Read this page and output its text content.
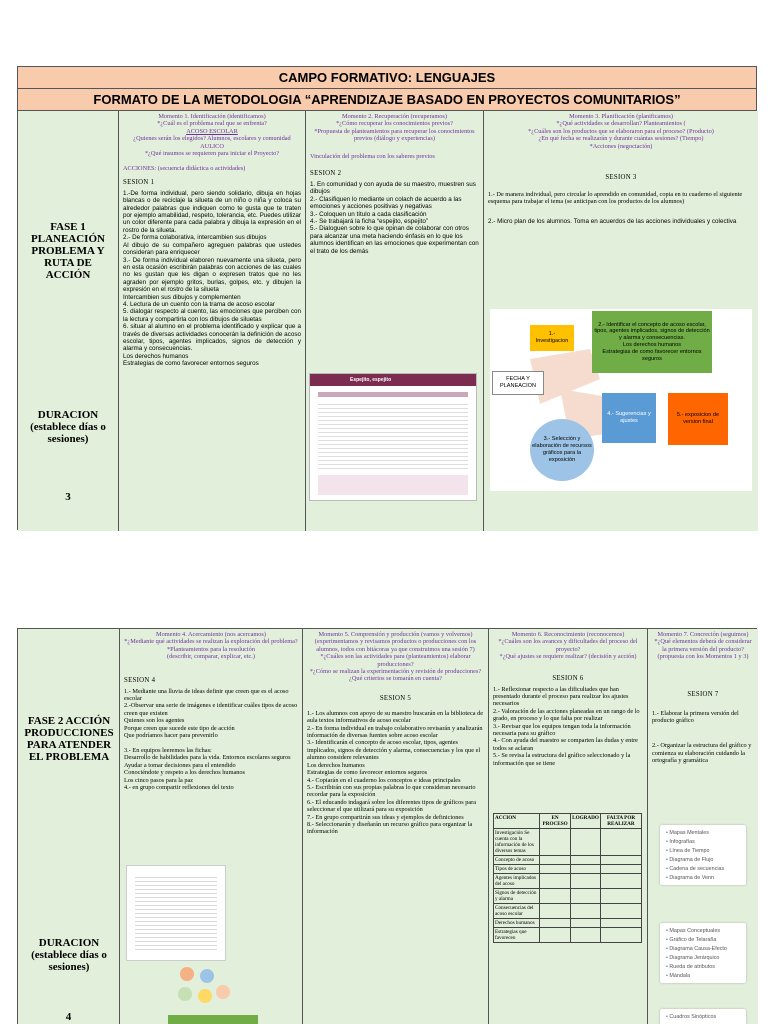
CAMPO FORMATIVO: LENGUAJES
FORMATO DE LA METODOLOGIA “APRENDIZAJE BASADO EN PROYECTOS COMUNITARIOS”
FASE 1 PLANEACIÓN PROBLEMA Y RUTA DE ACCIÓN
DURACION (establece días o sesiones)
3

Momento 1. Identificación (identificamos)

*¿Cuál es el problema real que se enfrenta?

ACOSO ESCOLAR

¿Quienes serán los elegidos? Alumnos, escolares y comunidad

AULICO

*¿Qué insumos se requieren para iniciar el Proyecto?

ACCIONES: (secuencia didáctica o actividades)

SESION 1

1.-De forma individual, pero siendo solidario, dibuja en hojas blancas o de reciclaje la silueta de un niño o niña y coloca su alrededor palabras que indiquen como te gusta que te traten por ejemplo amabilidad, respeto, tolerancia, etc. Puedes utilizar un color diferente para cada palabra y dibuja la expresión en el rostro de la silueta.
2.- De forma colaborativa, intercambien sus dibujos
Al dibujo de su compañero agreguen palabras que ustedes consideran para enriquecer
3.- De forma individual elaboren nuevamente una silueta, pero en esta ocasión escribirán palabras con acciones de las cuales no les gustan que les digan o expresen tratos que no les agraden por ejemplo gritos, burlas, golpes, etc. y dibujen la expresión en el rostro de la silueta
Intercambien sus dibujos y complementen
4. Lectura de un cuento con la trama de acoso escolar
5. dialogar respecto al cuento, las emociones que perciben con la lectura y compartirla con los dibujos de siluetas
6. situar al alumno en el problema identificado y explicar que a través de diversas actividades conocerán la definición de acoso escolar, tipos, agentes implicados, signos de detección y alarma y consecuencias.
Los derechos humanos
Estrategias de como favorecer entornos seguros

Momento 2. Recuperación (recuperamos)

*¿Cómo recuperar los conocimientos previos?
*Propuesta de planteamientos para recuperar los conocimientos previos (diálogo y experiencias)

Vinculación del problema con los saberes previos

SESION 2

1. En comunidad y con ayuda de su maestro, muestren sus dibujos
2.- Clasifiquen lo mediante un colach de acuerdo a las emociones y acciones positivas y negativas
3.- Coloquen un título a cada clasificación
4.- Se trabajará la ficha “espejito, espejito”
5.- Dialoguen sobre lo que opinan de colaborar con otros para alcanzar una meta haciendo énfasis en lo que los alumnos identifican en las emociones que experimentan con el trato de los demás

Espejito, espejito

Momento 3. Planificación (planificamos)

*¿Qué actividades se desarrollan? Planteamientos (
*¿Cuáles son los productos que se elaboraron para el proceso? (Producto)
¿En qué fecha se realizarán y durante cuántas sesiones? (Tiempo)
*Acciones (negociación)

SESION 3

1.- De manera individual, pero circular lo aprendido en comunidad, copia en tu cuaderno el siguiente esquema para trabajar el tema (se anticipan con los productos de los alumnos)

2.- Micro plan de los alumnos. Toma en acuerdos de las acciones individuales y colectiva

1.- Investigacion
2.- Identificar el concepto de acoso escolar, tipos, agentes implicados, signos de detección y alarma y consecuencias.
Los derechos humanos
Estrategias de como favorecer entornos seguros
FECHA Y PLANEACION
3.- Selección y elaboración de recursos gráficos para la exposición
4.- Sugerencias y ajustes
5.- exposicion de version final
FASE 2 ACCIÓN PRODUCCIONES PARA ATENDER EL PROBLEMA
DURACION (establece días o sesiones)
4

Momento 4. Acercamiento (nos acercamos)

*¿Mediante qué actividades se realizan la exploración del problema?
*Planteamientos para la resolución
(describir, comparar, explicar, etc.)

SESION 4

1.- Mediante una lluvia de ideas definir que creen que es el acoso escolar
2.-Observar una serie de imágenes e identificar cuáles tipos de acoso creen que existen
Quienes son los agentes
Porque creen que sucede este tipo de acción
Que podríamos hacer para prevenirlo

3.- En equipos leeremos las fichas:
Desarrollo de habilidades para la vida. Entornos escolares seguros
Ayudar a tomar decisiones para el entendido
Conociéndote y respeto a los derechos humanos
Los cinco pasos para la paz
4.- en grupo compartir reflexiones del texto

Momento 5. Comprensión y producción (vamos y volvemos)

(experimentamos y revisamos productos o producciones con los alumnos, todos con bitácoras ya que construimos una sesión 7)
*¿Cuáles son las actividades para (planteamientos) elaborar producciones?
*¿Cómo se realizan la experimentación y revisión de producciones? ¿Qué criterios se tomarán en cuenta?

SESION 5

1.- Los alumnos con apoyo de su maestro buscarán en la biblioteca de aula textos informativos de acoso escolar
2.- En forma individual en trabajo colaborativo revisarán y analizarán información de diversas fuentes sobre acoso escolar
3.- Identificarán el concepto de acoso escolar, tipos, agentes implicados, signos de detección y alarma, consecuencias y los que el alumno considere relevantes
Los derechos humanos
Estrategias de como favorecer entornos seguros
4.- Copiarán en el cuaderno los conceptos e ideas principales
5.- Escribirán con sus propias palabras lo que consideran necesario recordar para la exposición
6.- El educando indagará sobre los diferentes tipos de gráficos para seleccionar el que utilizará para su exposición
7.- En grupo compartirán sus ideas y ejemplos de definiciones
8.- Seleccionarán y diseñarán un recurso gráfico para organizar la información

Momento 6. Reconocimiento (reconocemos)

*¿Cuáles son los avances y dificultades del proceso del proyecto?
*¿Qué ajustes se requiere realizar? (decisión y acción)

SESION 6

1.- Reflexionar respecto a las dificultades que han presentado durante el proceso para realizar los ajustes necesarios
2.- Valoración de las acciones planeadas en un rango de lo grado, en proceso y lo que falta por realizar
3.- Revisar que los equipos tengan toda la información necesaria para su gráfico
4.- Con ayuda del maestro se comparten las dudas y entre todos se aclaran
5.- Se revisa la estructura del gráfico seleccionado y la información que se tiene

ACCION	EN PROCESO	LOGRADO	FALTA POR REALIZAR
Investigación Se cuenta con la información de los diversos temas			
Concepto de acoso			
Tipos de acoso			
Agentes implicados del acoso			
Signos de detección y alarma			
Consecuencias del acoso escolar			
Derechos humanos			
Estrategias que favorecen			

Momento 7. Concreción (seguimos)

*¿Qué elementos deberá de considerar la primera versión del producto?
(propuesta con los Momentos 1 y 3)

SESION 7

1.- Elaborar la primera versión del producto gráfico

2.- Organizar la estructura del gráfico y comienza su elaboración cuidando la ortografía y gramática

• Mapas Mentales
• Infografías
• Línea de Tiempo
• Diagrama de Flujo
• Cadena de secuencias
• Diagrama de Venn
• Mapas Conceptuales
• Gráfico de Telaraña
• Diagrama Causa-Efecto
• Diagrama Jerárquico
• Rueda de atributos
• Mándala
• Cuadros Sinópticos
